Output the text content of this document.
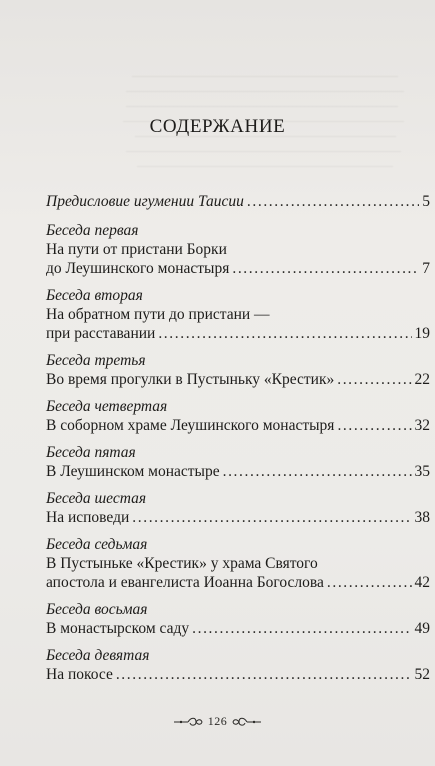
СОДЕРЖАНИЕ
Предисловие игумении Таисии .....	5
Беседа первая
На пути от пристани Борки
до Леушинского монастыря .....	7
Беседа вторая
На обратном пути до пристани —
при расставании .....	19
Беседа третья
Во время прогулки в Пустыньку «Крестик» .....	22
Беседа четвертая
В соборном храме Леушинского монастыря .....	32
Беседа пятая
В Леушинском монастыре .....	35
Беседа шестая
На исповеди .....	38
Беседа седьмая
В Пустыньке «Крестик» у храма Святого
апостола и евангелиста Иоанна Богослова .....	42
Беседа восьмая
В монастырском саду .....	49
Беседа девятая
На покосе .....	52
126
